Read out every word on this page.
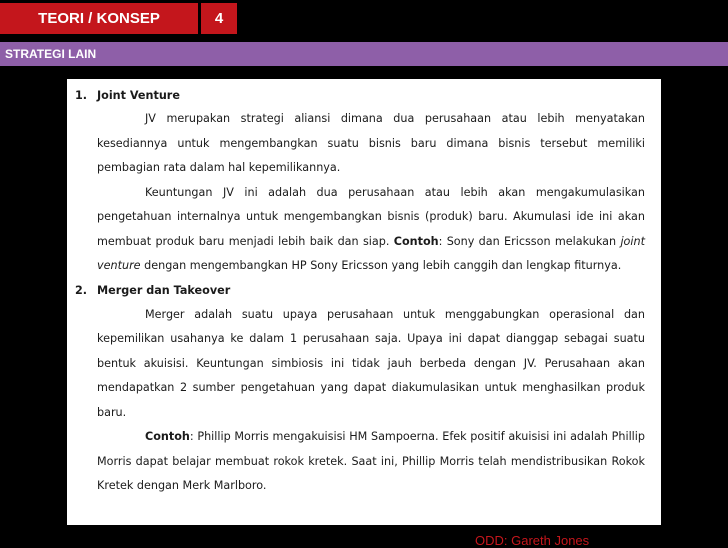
TEORI / KONSEP	4
STRATEGI LAIN
1. Joint Venture
JV merupakan strategi aliansi dimana dua perusahaan atau lebih menyatakan kesediannya untuk mengembangkan suatu bisnis baru dimana bisnis tersebut memiliki pembagian rata dalam hal kepemilikannya.
Keuntungan JV ini adalah dua perusahaan atau lebih akan mengakumulasikan pengetahuan internalnya untuk mengembangkan bisnis (produk) baru. Akumulasi ide ini akan membuat produk baru menjadi lebih baik dan siap. Contoh: Sony dan Ericsson melakukan joint venture dengan mengembangkan HP Sony Ericsson yang lebih canggih dan lengkap fiturnya.
2. Merger dan Takeover
Merger adalah suatu upaya perusahaan untuk menggabungkan operasional dan kepemilikan usahanya ke dalam 1 perusahaan saja. Upaya ini dapat dianggap sebagai suatu bentuk akuisisi. Keuntungan simbiosis ini tidak jauh berbeda dengan JV. Perusahaan akan mendapatkan 2 sumber pengetahuan yang dapat diakumulasikan untuk menghasilkan produk baru.
Contoh: Phillip Morris mengakuisisi HM Sampoerna. Efek positif akuisisi ini adalah Phillip Morris dapat belajar membuat rokok kretek. Saat ini, Phillip Morris telah mendistribusikan Rokok Kretek dengan Merk Marlboro.
ODD: Gareth Jones
